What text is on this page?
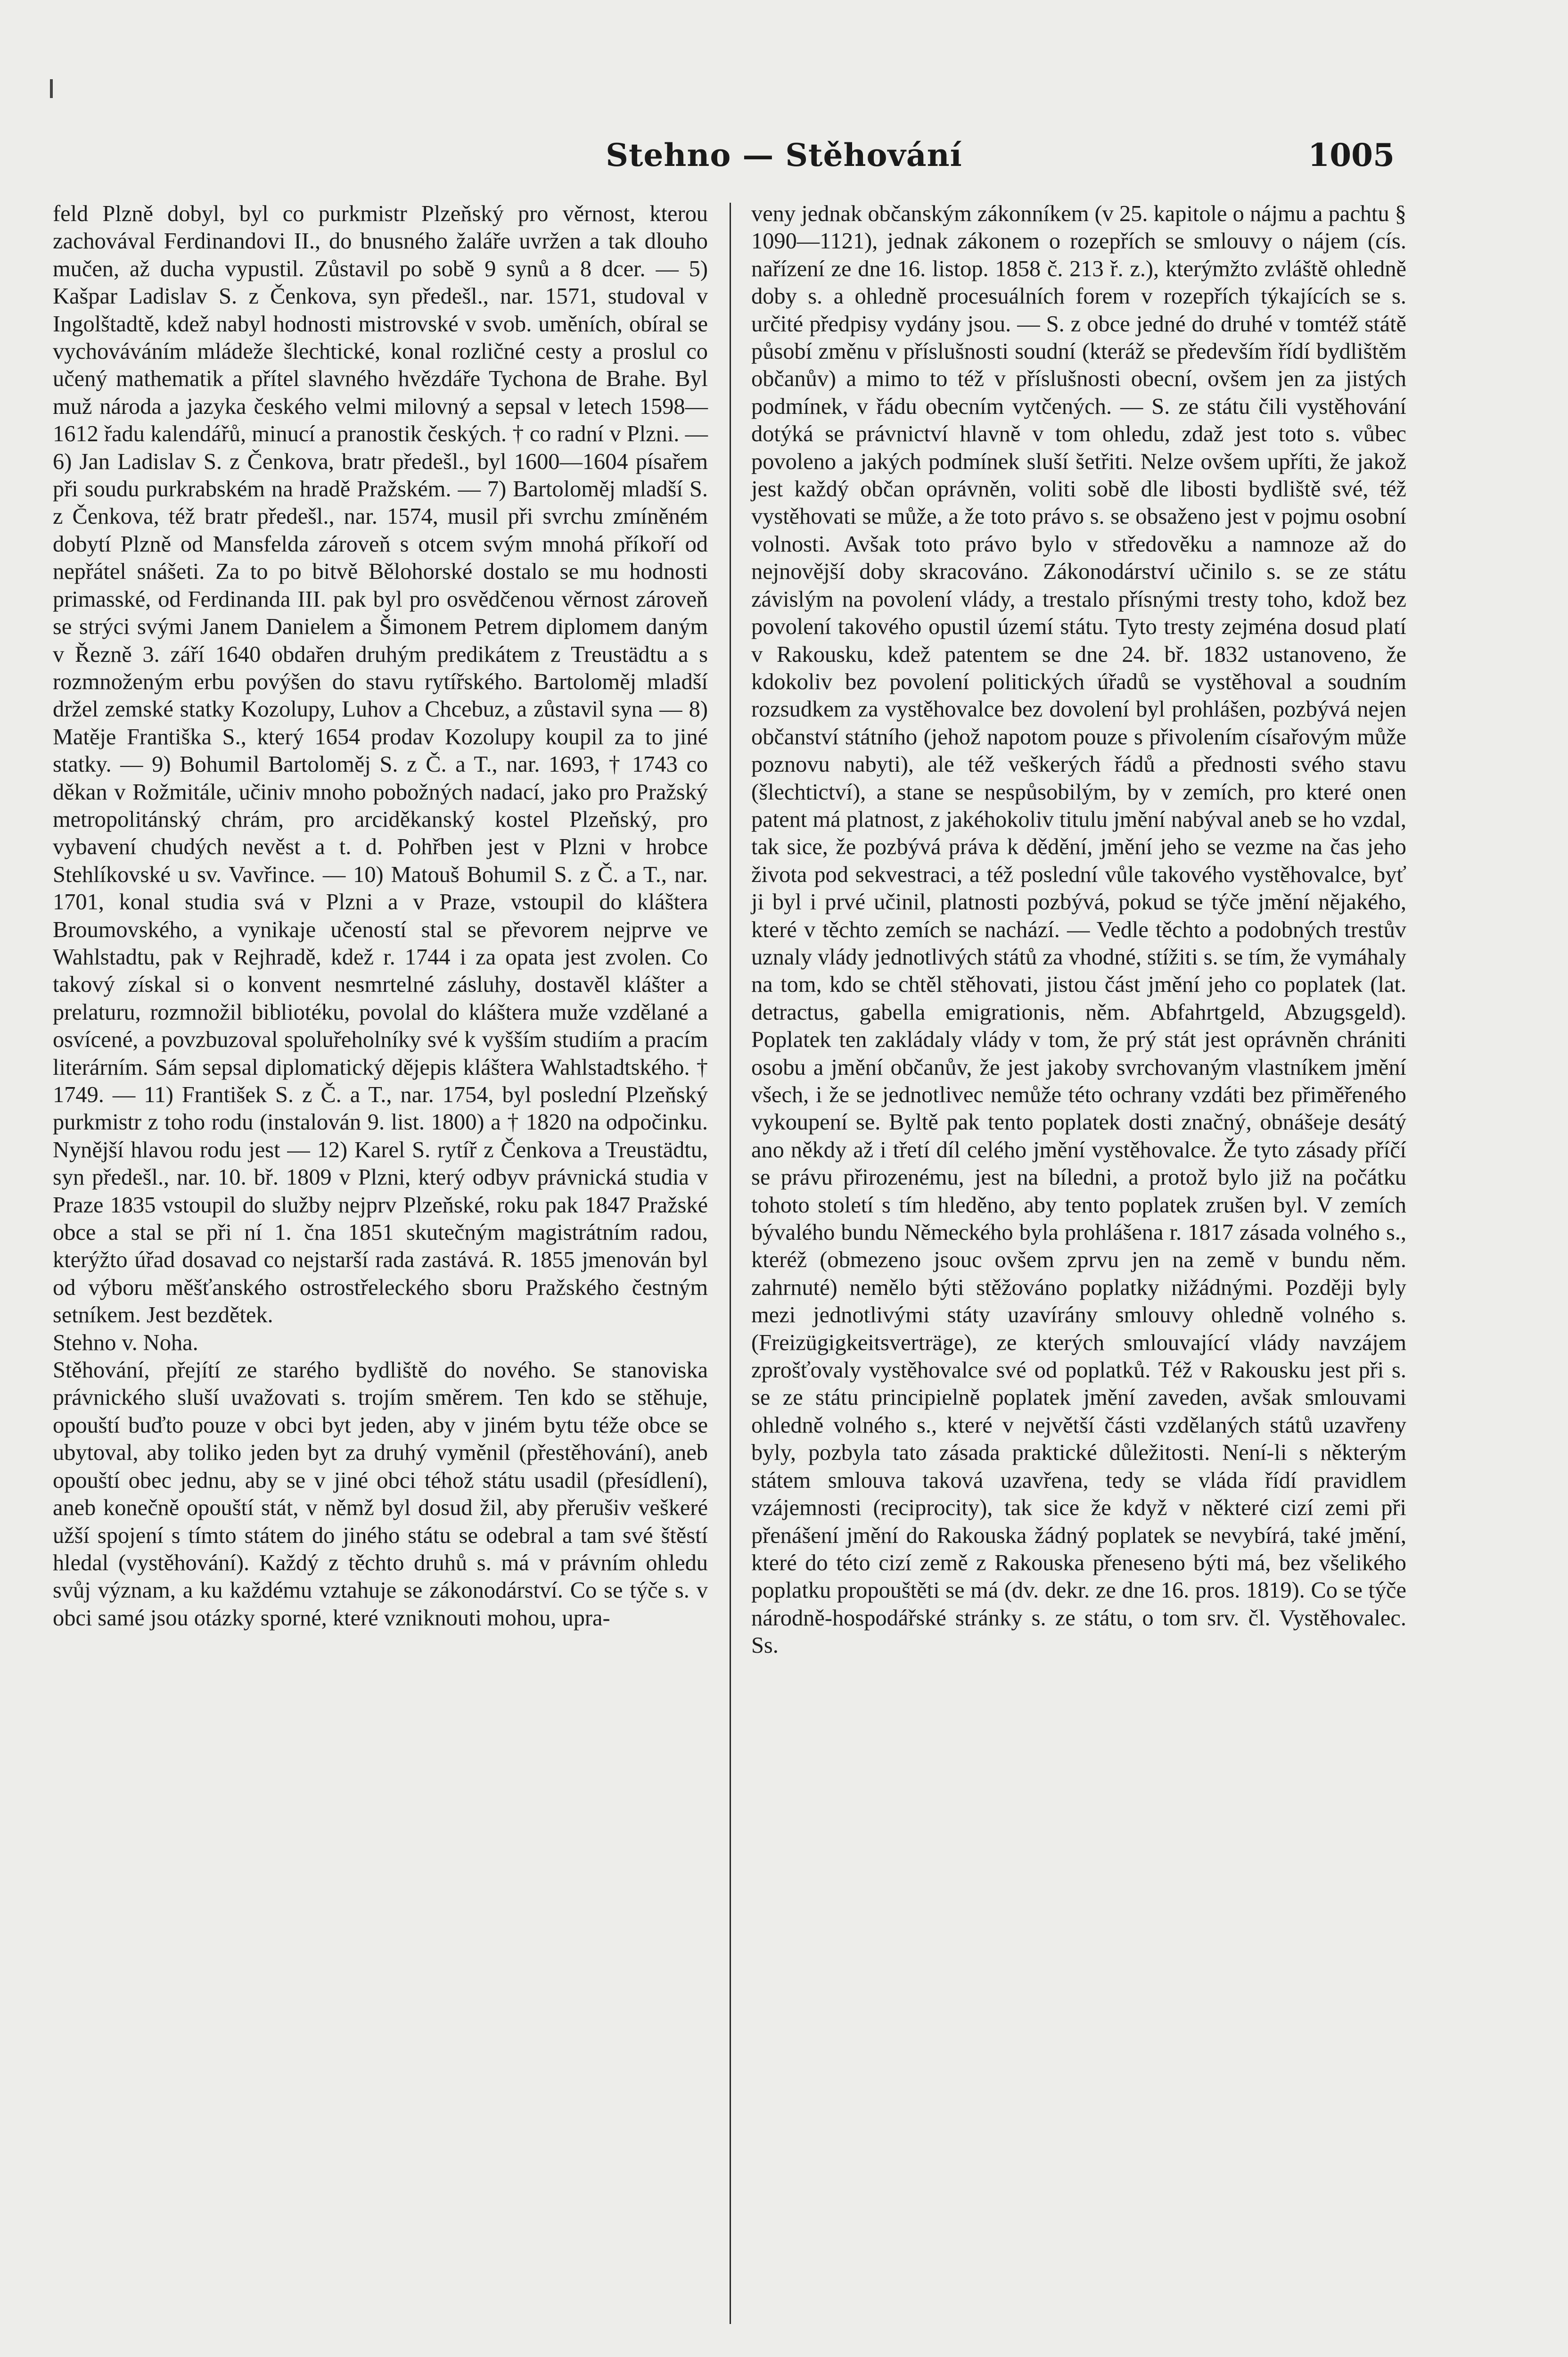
Stehno — Stěhování	1005

feld Plzně dobyl, byl co purkmistr Plzeňský pro věrnost, kterou zachovával Ferdinandovi II., do bnusného žaláře uvržen a tak dlouho mučen, až ducha vypustil. Zůstavil po sobě 9 synů a 8 dcer. — 5) Kašpar Ladislav S. z Čenkova, syn předešl., nar. 1571, studoval v Ingolštadtě, kdež nabyl hodnosti mistrovské v svob. uměních, obíral se vychováváním mládeže šlechtické, konal rozličné cesty a proslul co učený mathematik a přítel slavného hvězdáře Tychona de Brahe. Byl muž národa a jazyka českého velmi milovný a sepsal v letech 1598—1612 řadu kalendářů, minucí a pranostik českých. † co radní v Plzni. — 6) Jan Ladislav S. z Čenkova, bratr předešl., byl 1600—1604 písařem při soudu purkrabském na hradě Pražském. — 7) Bartoloměj mladší S. z Čenkova, též bratr předešl., nar. 1574, musil při svrchu zmíněném dobytí Plzně od Mansfelda zároveň s otcem svým mnohá příkoří od nepřátel snášeti. Za to po bitvě Bělohorské dostalo se mu hodnosti primasské, od Ferdinanda III. pak byl pro osvědčenou věrnost zároveň se strýci svými Janem Danielem a Šimonem Petrem diplomem daným v Řezně 3. září 1640 obdařen druhým predikátem z Treustädtu a s rozmnoženým erbu povýšen do stavu rytířského. Bartoloměj mladší držel zemské statky Kozolupy, Luhov a Chcebuz, a zůstavil syna — 8) Matěje Františka S., který 1654 prodav Kozolupy koupil za to jiné statky. — 9) Bohumil Bartoloměj S. z Č. a T., nar. 1693, † 1743 co děkan v Rožmitále, učiniv mnoho pobožných nadací, jako pro Pražský metropolitánský chrám, pro arciděkanský kostel Plzeňský, pro vybavení chudých nevěst a t. d. Pohřben jest v Plzni v hrobce Stehlíkovské u sv. Vavřince. — 10) Matouš Bohumil S. z Č. a T., nar. 1701, konal studia svá v Plzni a v Praze, vstoupil do kláštera Broumovského, a vynikaje učeností stal se převorem nejprve ve Wahlstadtu, pak v Rejhradě, kdež r. 1744 i za opata jest zvolen. Co takový získal si o konvent nesmrtelné zásluhy, dostavěl klášter a prelaturu, rozmnožil bibliotéku, povolal do kláštera muže vzdělané a osvícené, a povzbuzoval spoluřeholníky své k vyšším studiím a pracím literárním. Sám sepsal diplomatický dějepis kláštera Wahlstadtského. † 1749. — 11) František S. z Č. a T., nar. 1754, byl poslední Plzeňský purkmistr z toho rodu (instalován 9. list. 1800) a † 1820 na odpočinku. Nynější hlavou rodu jest — 12) Karel S. rytíř z Čenkova a Treustädtu, syn předešl., nar. 10. bř. 1809 v Plzni, který odbyv právnická studia v Praze 1835 vstoupil do služby nejprv Plzeňské, roku pak 1847 Pražské obce a stal se při ní 1. čna 1851 skutečným magistrátním radou, kterýžto úřad dosavad co nejstarší rada zastává. R. 1855 jmenován byl od výboru měšťanského ostrostřeleckého sboru Pražského čestným setníkem. Jest bezdětek.

Stehno v. Noha.

Stěhování, přejítí ze starého bydliště do nového. Se stanoviska právnického sluší uvažovati s. trojím směrem. Ten kdo se stěhuje, opouští buďto pouze v obci byt jeden, aby v jiném bytu téže obce se ubytoval, aby toliko jeden byt za druhý vyměnil (přestěhování), aneb opouští obec jednu, aby se v jiné obci téhož státu usadil (přesídlení), aneb konečně opouští stát, v němž byl dosud žil, aby přerušiv veškeré užší spojení s tímto státem do jiného státu se odebral a tam své štěstí hledal (vystěhování). Každý z těchto druhů s. má v právním ohledu svůj význam, a ku každému vztahuje se zákonodárství. Co se týče s. v obci samé jsou otázky sporné, které vzniknouti mohou, upra-

veny jednak občanským zákonníkem (v 25. kapitole o nájmu a pachtu § 1090—1121), jednak zákonem o rozepřích se smlouvy o nájem (cís. nařízení ze dne 16. listop. 1858 č. 213 ř. z.), kterýmžto zvláště ohledně doby s. a ohledně procesuálních forem v rozepřích týkajících se s. určité předpisy vydány jsou. — S. z obce jedné do druhé v tomtéž státě působí změnu v příslušnosti soudní (kteráž se především řídí bydlištěm občanův) a mimo to též v příslušnosti obecní, ovšem jen za jistých podmínek, v řádu obecním vytčených. — S. ze státu čili vystěhování dotýká se právnictví hlavně v tom ohledu, zdaž jest toto s. vůbec povoleno a jakých podmínek sluší šetřiti. Nelze ovšem upříti, že jakož jest každý občan oprávněn, voliti sobě dle libosti bydliště své, též vystěhovati se může, a že toto právo s. se obsaženo jest v pojmu osobní volnosti. Avšak toto právo bylo v středověku a namnoze až do nejnovější doby skracováno. Zákonodárství učinilo s. se ze státu závislým na povolení vlády, a trestalo přísnými tresty toho, kdož bez povolení takového opustil území státu. Tyto tresty zejména dosud platí v Rakousku, kdež patentem se dne 24. bř. 1832 ustanoveno, že kdokoliv bez povolení politických úřadů se vystěhoval a soudním rozsudkem za vystěhovalce bez dovolení byl prohlášen, pozbývá nejen občanství státního (jehož napotom pouze s přivolením císařovým může poznovu nabyti), ale též veškerých řádů a přednosti svého stavu (šlechtictví), a stane se nespůsobilým, by v zemích, pro které onen patent má platnost, z jakéhokoliv titulu jmění nabýval aneb se ho vzdal, tak sice, že pozbývá práva k dědění, jmění jeho se vezme na čas jeho života pod sekvestraci, a též poslední vůle takového vystěhovalce, byť ji byl i prvé učinil, platnosti pozbývá, pokud se týče jmění nějakého, které v těchto zemích se nachází. — Vedle těchto a podobných trestův uznaly vlády jednotlivých států za vhodné, stížiti s. se tím, že vymáhaly na tom, kdo se chtěl stěhovati, jistou část jmění jeho co poplatek (lat. detractus, gabella emigrationis, něm. Abfahrtgeld, Abzugsgeld). Poplatek ten zakládaly vlády v tom, že prý stát jest oprávněn chrániti osobu a jmění občanův, že jest jakoby svrchovaným vlastníkem jmění všech, i že se jednotlivec nemůže této ochrany vzdáti bez přiměřeného vykoupení se. Byltě pak tento poplatek dosti značný, obnášeje desátý ano někdy až i třetí díl celého jmění vystěhovalce. Že tyto zásady příčí se právu přirozenému, jest na bíledni, a protož bylo již na počátku tohoto století s tím hleděno, aby tento poplatek zrušen byl. V zemích bývalého bundu Německého byla prohlášena r. 1817 zásada volného s., kteréž (obmezeno jsouc ovšem zprvu jen na země v bundu něm. zahrnuté) nemělo býti stěžováno poplatky nižádnými. Později byly mezi jednotlivými státy uzavírány smlouvy ohledně volného s. (Freizügigkeitsverträge), ze kterých smlouvající vlády navzájem zprošťovaly vystěhovalce své od poplatků. Též v Rakousku jest při s. se ze státu principielně poplatek jmění zaveden, avšak smlouvami ohledně volného s., které v největší části vzdělaných států uzavřeny byly, pozbyla tato zásada praktické důležitosti. Není-li s některým státem smlouva taková uzavřena, tedy se vláda řídí pravidlem vzájemnosti (reciprocity), tak sice že když v některé cizí zemi při přenášení jmění do Rakouska žádný poplatek se nevybírá, také jmění, které do této cizí země z Rakouska přeneseno býti má, bez všelikého poplatku propouštěti se má (dv. dekr. ze dne 16. pros. 1819). Co se týče národně-hospodářské stránky s. ze státu, o tom srv. čl. Vystěhovalec. Ss.
